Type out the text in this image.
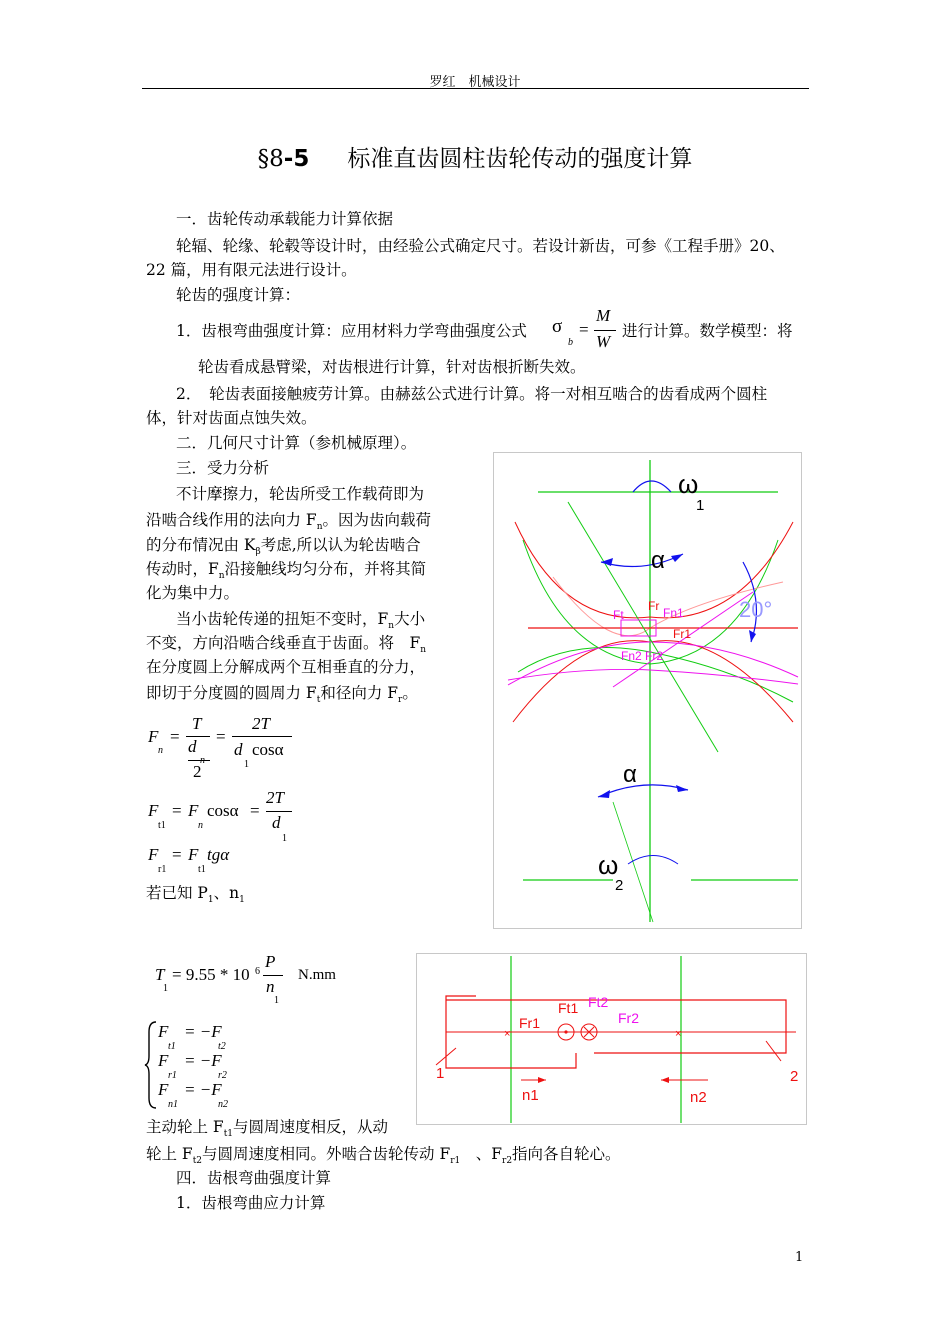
罗红　机械设计
§8-5 标准直齿圆柱齿轮传动的强度计算
一．齿轮传动承载能力计算依据
轮辐、轮缘、轮毂等设计时，由经验公式确定尺寸。若设计新齿，可参《工程手册》20、
22 篇，用有限元法进行设计。
轮齿的强度计算：
1．齿根弯曲强度计算：应用材料力学弯曲强度公式 σ
b
=
M
W
进行计算。数学模型：将
轮齿看成悬臂梁，对齿根进行计算，针对齿根折断失效。
2．　轮齿表面接触疲劳计算。由赫兹公式进行计算。将一对相互啮合的齿看成两个圆柱
体，针对齿面点蚀失效。
二．几何尺寸计算（参机械原理）。
三．受力分析
不计摩擦力，轮齿所受工作载荷即为
沿啮合线作用的法向力 $F_n$。因为齿向载荷
的分布情况由 $K_\beta$考虑,所以认为轮齿啮合
传动时，$F_n$沿接触线均匀分布，并将其简
化为集中力。
当小齿轮传递的扭矩不变时，$F_n$大小
不变，方向沿啮合线垂直于齿面。将　$F_n$
在分度圆上分解成两个互相垂直的分力，
即切于分度圆的圆周力 $F_t$和径向力 $F_r$。
F
n
=
T
d
n
2
=
2T
d
1
cosα
F
t1
= F
n
cosα =
2T
d
1
F
r1
= F
t1
tgα
若已知 $P_1$、$n_1$
T
1
= 9.55 * 10 6
P
n
1
N.mm
F
t1
= −F
t2
F
r1
= −F
r2
F
n1
= −F
n2
主动轮上 $F_{t1}$与圆周速度相反，从动
轮上 $F_{t2}$与圆周速度相同。外啮合齿轮传动 $F_{r1}$　、$F_{r2}$指向各自轮心。
四．齿根弯曲强度计算
1．齿根弯曲应力计算
ω
1
α
20°
α
ω
2
Ft
Fr Fn1
Fr1
Fn2 Fr2
×	×
Fr1
Ft1 Ft2
Fr2
n1	n2
1	2
1
